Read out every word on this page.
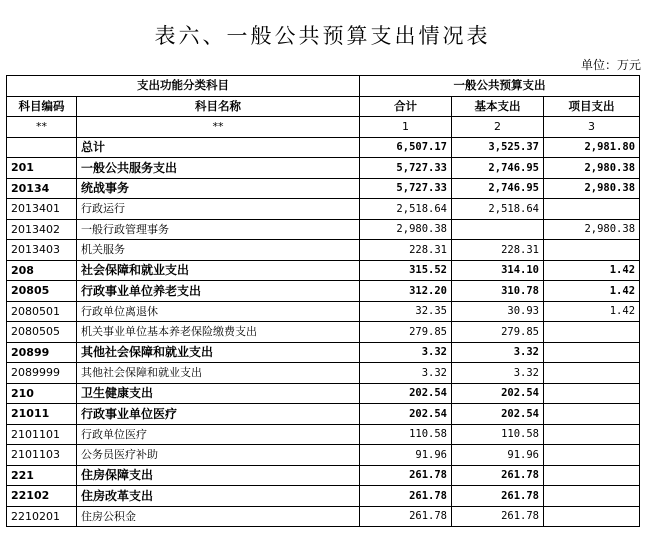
表六、一般公共预算支出情况表
单位：万元
支出功能分类科目		一般公共预算支出		
科目编码	科目名称	合计	基本支出	项目支出
**	**	1	2	3
	总计	6,507.17	3,525.37	2,981.80
201	一般公共服务支出	5,727.33	2,746.95	2,980.38
20134	统战事务	5,727.33	2,746.95	2,980.38
2013401	行政运行	2,518.64	2,518.64	
2013402	一般行政管理事务	2,980.38		2,980.38
2013403	机关服务	228.31	228.31	
208	社会保障和就业支出	315.52	314.10	1.42
20805	行政事业单位养老支出	312.20	310.78	1.42
2080501	行政单位离退休	32.35	30.93	1.42
2080505	机关事业单位基本养老保险缴费支出	279.85	279.85	
20899	其他社会保障和就业支出	3.32	3.32	
2089999	其他社会保障和就业支出	3.32	3.32	
210	卫生健康支出	202.54	202.54	
21011	行政事业单位医疗	202.54	202.54	
2101101	行政单位医疗	110.58	110.58	
2101103	公务员医疗补助	91.96	91.96	
221	住房保障支出	261.78	261.78	
22102	住房改革支出	261.78	261.78	
2210201	住房公积金	261.78	261.78	
